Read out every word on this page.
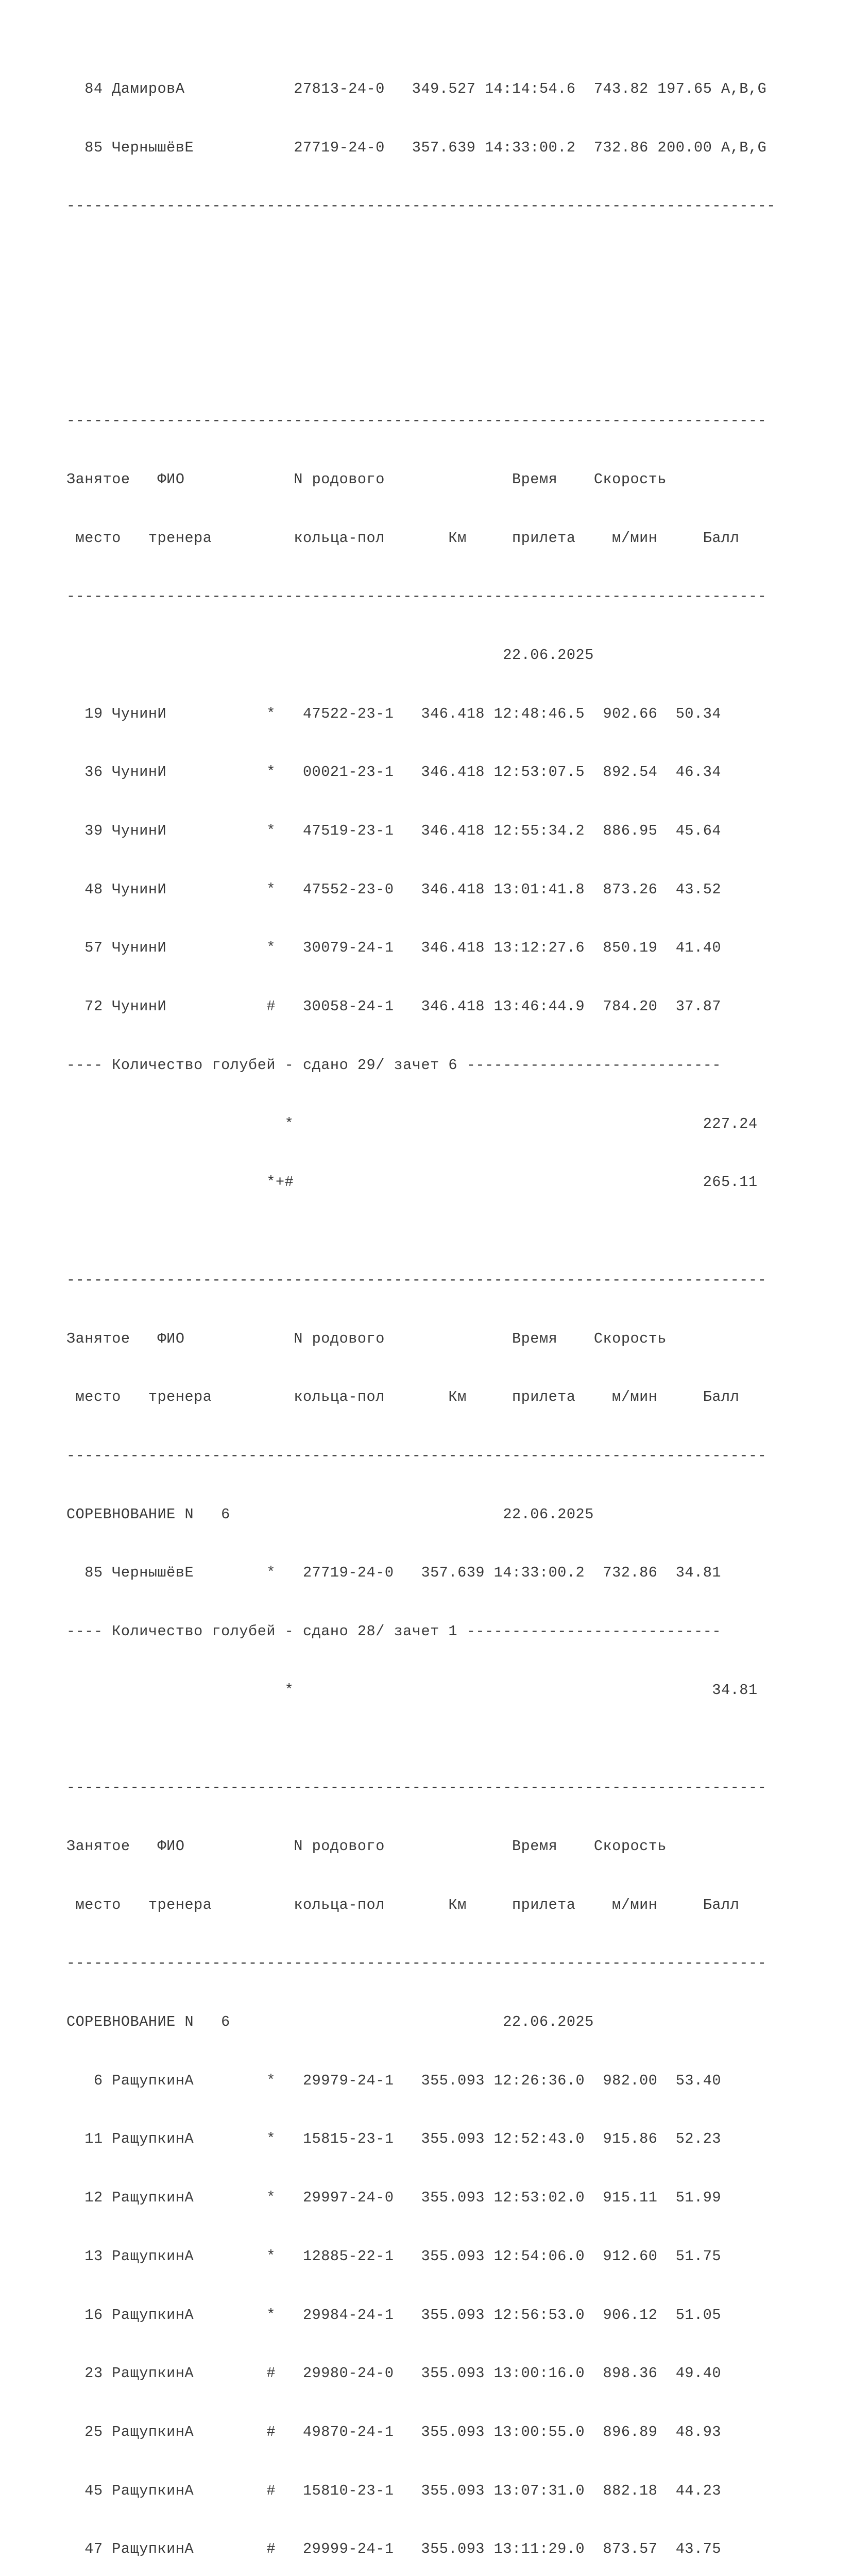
84 ДамировА            27813-24-0   349.527 14:14:54.6  743.82 197.65 A,B,G

85 ЧернышёвЕ           27719-24-0   357.639 14:33:00.2  732.86 200.00 A,B,G

------------------------------------------------------------------------------

-----------------------------------------------------------------------------

Занятое   ФИО            N родового              Время    Скорость

место   тренера         кольца-пол       Км     прилета    м/мин     Балл

-----------------------------------------------------------------------------

22.06.2025

19 ЧунинИ           *   47522-23-1   346.418 12:48:46.5  902.66  50.34

36 ЧунинИ           *   00021-23-1   346.418 12:53:07.5  892.54  46.34

39 ЧунинИ           *   47519-23-1   346.418 12:55:34.2  886.95  45.64

48 ЧунинИ           *   47552-23-0   346.418 13:01:41.8  873.26  43.52

57 ЧунинИ           *   30079-24-1   346.418 13:12:27.6  850.19  41.40

72 ЧунинИ           #   30058-24-1   346.418 13:46:44.9  784.20  37.87

---- Количество голубей - сдано 29/ зачет 6 ----------------------------

*                                             227.24

*+#                                             265.11

-----------------------------------------------------------------------------

Занятое   ФИО            N родового              Время    Скорость

место   тренера         кольца-пол       Км     прилета    м/мин     Балл

-----------------------------------------------------------------------------

СОРЕВНОВАНИЕ N   6                              22.06.2025

85 ЧернышёвЕ        *   27719-24-0   357.639 14:33:00.2  732.86  34.81

---- Количество голубей - сдано 28/ зачет 1 ----------------------------

*                                              34.81

-----------------------------------------------------------------------------

Занятое   ФИО            N родового              Время    Скорость

место   тренера         кольца-пол       Км     прилета    м/мин     Балл

-----------------------------------------------------------------------------

СОРЕВНОВАНИЕ N   6                              22.06.2025

6 РащупкинА        *   29979-24-1   355.093 12:26:36.0  982.00  53.40

11 РащупкинА        *   15815-23-1   355.093 12:52:43.0  915.86  52.23

12 РащупкинА        *   29997-24-0   355.093 12:53:02.0  915.11  51.99

13 РащупкинА        *   12885-22-1   355.093 12:54:06.0  912.60  51.75

16 РащупкинА        *   29984-24-1   355.093 12:56:53.0  906.12  51.05

23 РащупкинА        #   29980-24-0   355.093 13:00:16.0  898.36  49.40

25 РащупкинА        #   49870-24-1   355.093 13:00:55.0  896.89  48.93

45 РащупкинА        #   15810-23-1   355.093 13:07:31.0  882.18  44.23

47 РащупкинА        #   29999-24-1   355.093 13:11:29.0  873.57  43.75
